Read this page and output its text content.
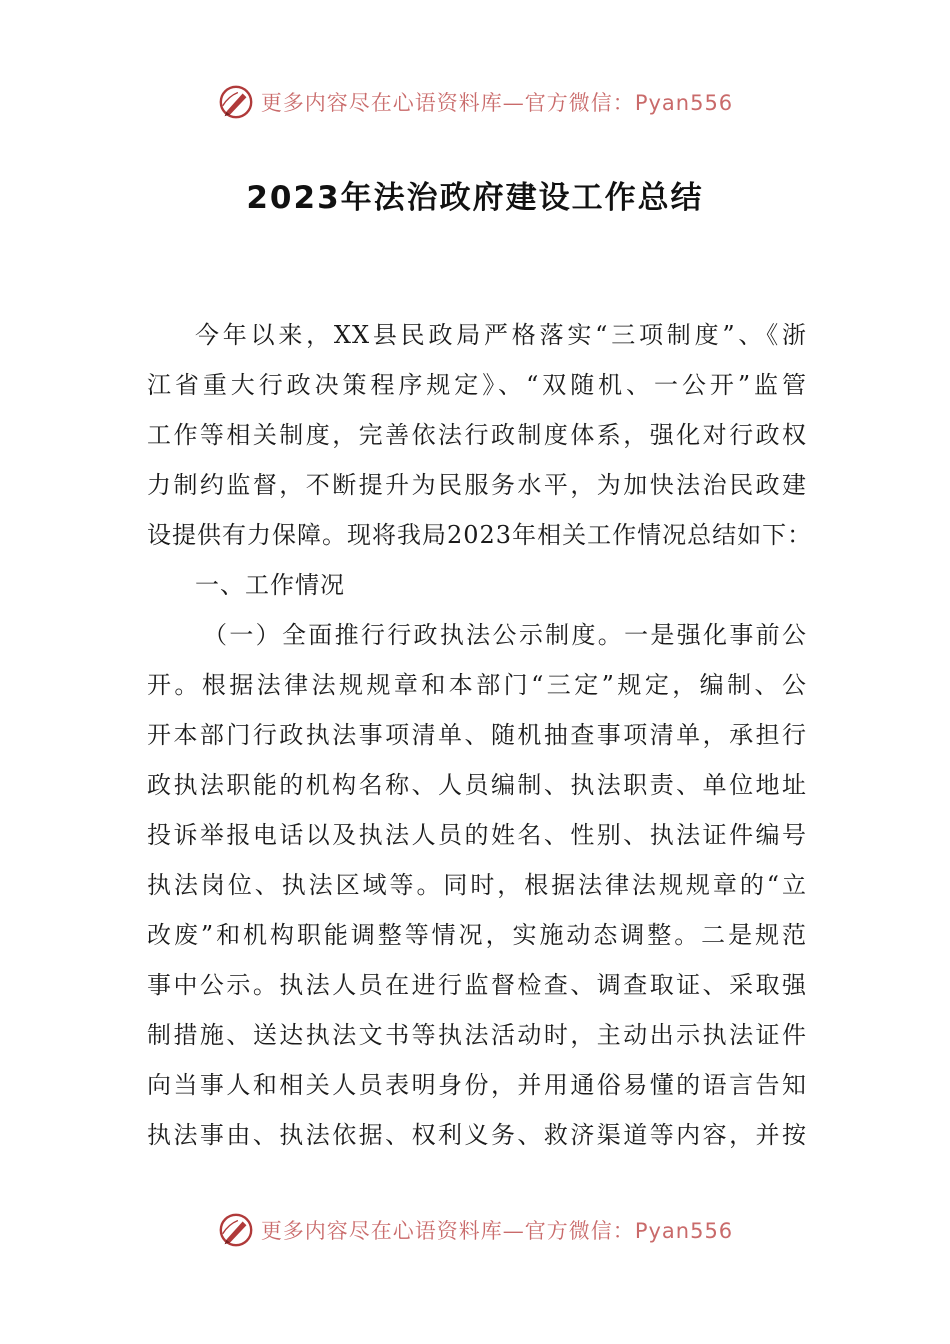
更多内容尽在心语资料库—官方微信：Pyan556
2023年法治政府建设工作总结
今年以来，XX县民政局严格落实“三项制度”、《浙
江省重大行政决策程序规定》、“双随机、一公开”监管
工作等相关制度，完善依法行政制度体系，强化对行政权
力制约监督，不断提升为民服务水平，为加快法治民政建
设提供有力保障。现将我局2023年相关工作情况总结如下：
一、工作情况
（一）全面推行行政执法公示制度。一是强化事前公
开。根据法律法规规章和本部门“三定”规定，编制、公
开本部门行政执法事项清单、随机抽查事项清单，承担行
政执法职能的机构名称、人员编制、执法职责、单位地址
投诉举报电话以及执法人员的姓名、性别、执法证件编号
执法岗位、执法区域等。同时，根据法律法规规章的“立
改废”和机构职能调整等情况，实施动态调整。二是规范
事中公示。执法人员在进行监督检查、调查取证、采取强
制措施、送达执法文书等执法活动时，主动出示执法证件
向当事人和相关人员表明身份，并用通俗易懂的语言告知
执法事由、执法依据、权利义务、救济渠道等内容，并按
更多内容尽在心语资料库—官方微信：Pyan556
